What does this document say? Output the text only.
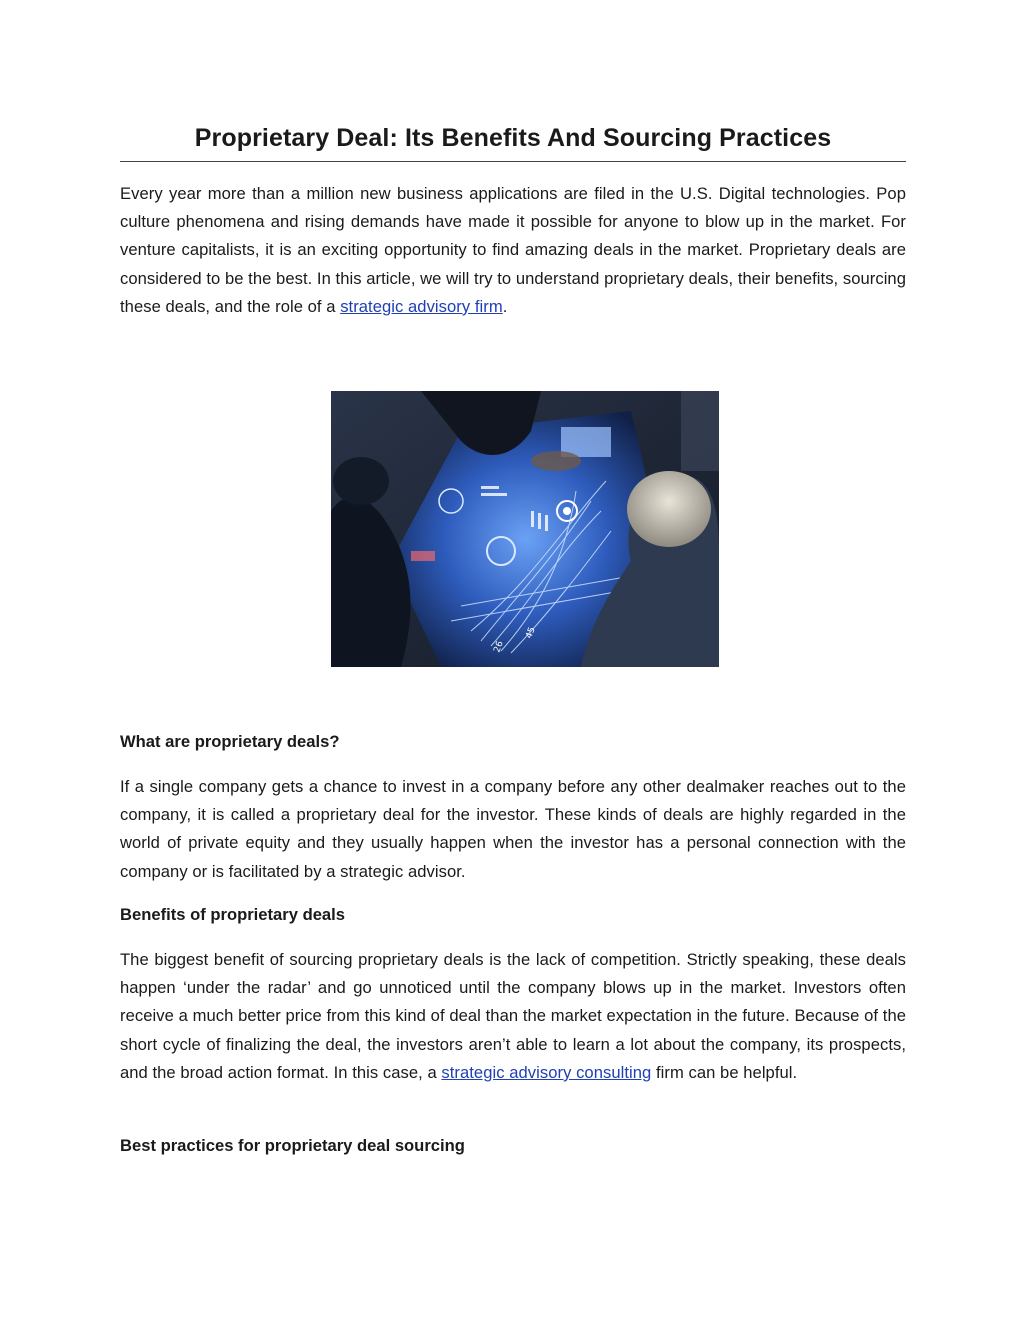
Proprietary Deal: Its Benefits And Sourcing Practices

Every year more than a million new business applications are filed in the U.S. Digital technologies. Pop culture phenomena and rising demands have made it possible for anyone to blow up in the market. For venture capitalists, it is an exciting opportunity to find amazing deals in the market. Proprietary deals are considered to be the best. In this article, we will try to understand proprietary deals, their benefits, sourcing these deals, and the role of a strategic advisory firm.

45
26
What are proprietary deals?

If a single company gets a chance to invest in a company before any other dealmaker reaches out to the company, it is called a proprietary deal for the investor. These kinds of deals are highly regarded in the world of private equity and they usually happen when the investor has a personal connection with the company or is facilitated by a strategic advisor.

Benefits of proprietary deals

The biggest benefit of sourcing proprietary deals is the lack of competition. Strictly speaking, these deals happen ‘under the radar’ and go unnoticed until the company blows up in the market. Investors often receive a much better price from this kind of deal than the market expectation in the future. Because of the short cycle of finalizing the deal, the investors aren’t able to learn a lot about the company, its prospects, and the broad action format. In this case, a strategic advisory consulting firm can be helpful.

Best practices for proprietary deal sourcing
